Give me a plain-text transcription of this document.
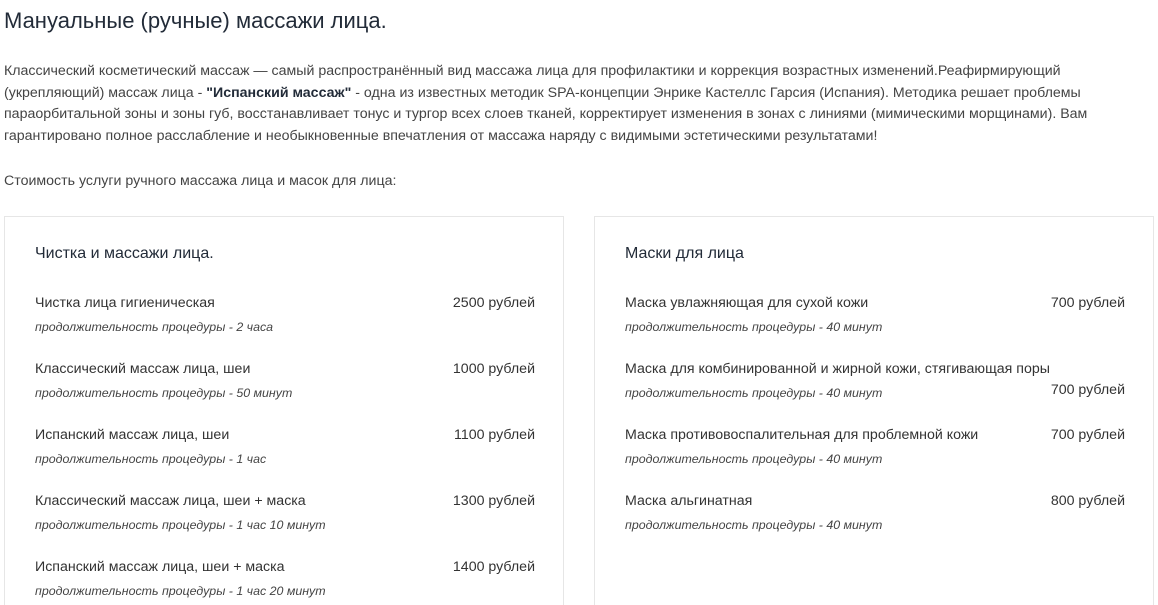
Мануальные (ручные) массажи лица.

Классический косметический массаж — самый распространённый вид массажа лица для профилактики и коррекция возрастных изменений.Реафирмирующий (укрепляющий) массаж лица - "Испанский массаж" - одна из известных методик SPA-концепции Энрике Кастеллс Гарсия (Испания). Методика решает проблемы параорбитальной зоны и зоны губ, восстанавливает тонус и тургор всех слоев тканей, корректирует изменения в зонах с линиями (мимическими морщинами). Вам гарантировано полное расслабление и необыкновенные впечатления от массажа наряду с видимыми эстетическими результатами!

Стоимость услуги ручного массажа лица и масок для лица:

Чистка и массажи лица.
Чистка лица гигиеническая	2500 рублей
продолжительность процедуры - 2 часа
Классический массаж лица, шеи	1000 рублей
продолжительность процедуры - 50 минут
Испанский массаж лица, шеи	1100 рублей
продолжительность процедуры - 1 час
Классический массаж лица, шеи + маска	1300 рублей
продолжительность процедуры - 1 час 10 минут
Испанский массаж лица, шеи + маска	1400 рублей
продолжительность процедуры - 1 час 20 минут
Маски для лица
Маска увлажняющая для сухой кожи	700 рублей
продолжительность процедуры - 40 минут
Маска для комбинированной и жирной кожи, стягивающая поры
700 рублей
продолжительность процедуры - 40 минут
Маска противовоспалительная для проблемной кожи	700 рублей
продолжительность процедуры - 40 минут
Маска альгинатная	800 рублей
продолжительность процедуры - 40 минут
